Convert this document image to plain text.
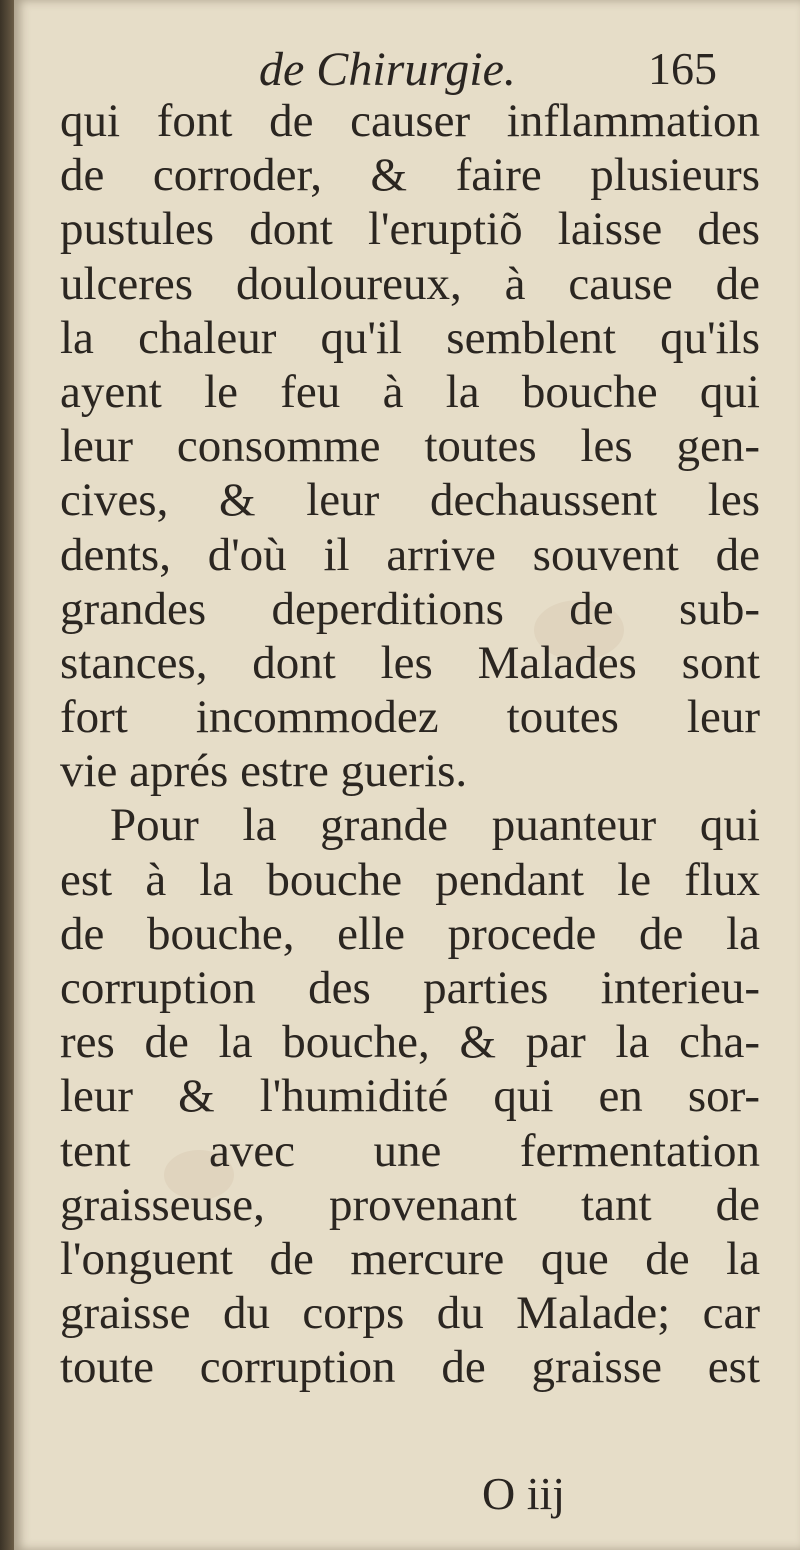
de Chirurgie.	165
qui font de causer inflammation
de corroder, & faire plusieurs
pustules dont l'eruptiõ laisse des
ulceres douloureux, à cause de
la chaleur qu'il semblent qu'ils
ayent le feu à la bouche qui
leur consomme toutes les gen-
cives, & leur dechaussent les
dents, d'où il arrive souvent de
grandes deperditions de sub-
stances, dont les Malades sont
fort incommodez toutes leur
vie aprés estre gueris.
Pour la grande puanteur qui
est à la bouche pendant le flux
de bouche, elle procede de la
corruption des parties interieu-
res de la bouche, & par la cha-
leur & l'humidité qui en sor-
tent avec une fermentation
graisseuse, provenant tant de
l'onguent de mercure que de la
graisse du corps du Malade; car
toute corruption de graisse est
O iij
